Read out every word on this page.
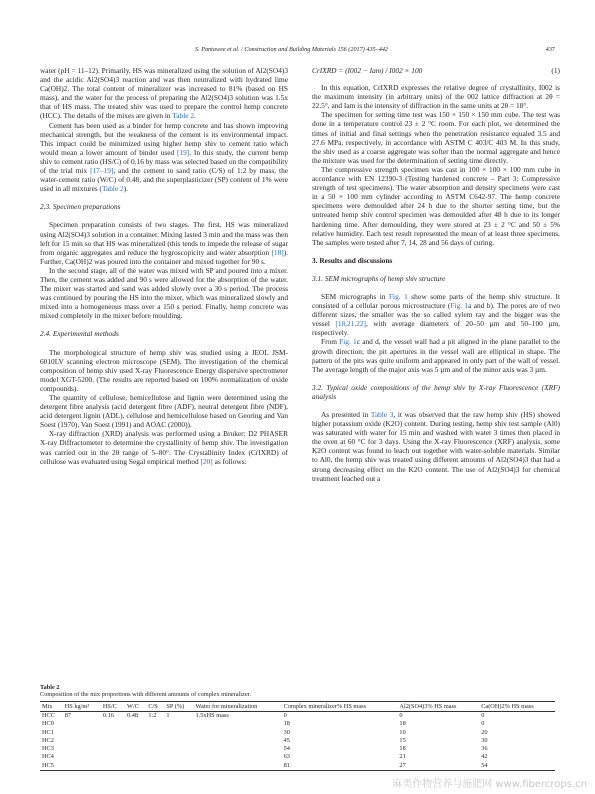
S. Pantawee et al. / Construction and Building Materials 156 (2017) 435–442	437

water (pH = 11–12). Primarily, HS was mineralized using the solution of Al2(SO4)3 and the acidic Al2(SO4)3 reaction and was then neutralized with hydrated lime Ca(OH)2. The total content of mineralizer was increased to 81% (based on HS mass), and the water for the process of preparing the Al2(SO4)3 solution was 1.5x that of HS mass. The treated shiv was used to prepare the control hemp concrete (HCC). The details of the mixes are given in Table 2.

Cement has been used as a binder for hemp concrete and has shown improving mechanical strength, but the weakness of the cement is its environmental impact. This impact could be minimized using higher hemp shiv to cement ratio which would mean a lower amount of binder used [19]. In this study, the current hemp shiv to cement ratio (HS/C) of 0.16 by mass was selected based on the compatibility of the trial mix [17–19], and the cement to sand ratio (C/S) of 1:2 by mass, the water-cement ratio (W/C) of 0.48, and the superplasticizer (SP) content of 1% were used in all mixtures (Table 2).

2.3. Specimen preparations

Specimen preparation consists of two stages. The first, HS was mineralized using Al2(SO4)3 solution in a container. Mixing lasted 3 min and the mass was then left for 15 min so that HS was mineralized (this tends to impede the release of sugar from organic aggregates and reduce the hygroscopicity and water absorption [18]). Further, Ca(OH)2 was poured into the container and mixed together for 90 s.

In the second stage, all of the water was mixed with SP and poured into a mixer. Then, the cement was added and 90 s were allowed for the absorption of the water. The mixer was started and sand was added slowly over a 30 s period. The process was continued by pouring the HS into the mixer, which was mineralized slowly and mixed into a homogeneous mass over a 150 s period. Finally, hemp concrete was mixed completely in the mixer before moulding.

2.4. Experimental methods

The morphological structure of hemp shiv was studied using a JEOL JSM-6010LV scanning electron microscope (SEM). The investigation of the chemical composition of hemp shiv used X-ray Fluorescence Energy dispersive spectrometer model XGT-5200. (The results are reported based on 100% normalization of oxide compounds).

The quantity of cellulose, hemicellulose and lignin were determined using the detergent fibre analysis (acid detergent fibre (ADF), neutral detergent fibre (NDF), acid detergent lignin (ADL), cellulose and hemicellulose based on Georing and Van Soest (1970), Van Soest (1991) and AOAC (2000)).

X-ray diffraction (XRD) analysis was performed using a Bruker: D2 PHASER X-ray Diffractometer to determine the crystallinity of hemp shiv. The investigation was carried out in the 2θ range of 5–80°. The Crystallinity Index (CrIXRD) of cellulose was evaluated using Segal empirical method [20] as follows:

CrIXRD = (I002 − Iam) / I002 × 100	(1)

In this equation, CrIXRD expresses the relative degree of crystallinity, I002 is the maximum intensity (in arbitrary units) of the 002 lattice diffraction at 2θ = 22.5°, and Iam is the intensity of diffraction in the same units at 2θ = 18°.

The specimen for setting time test was 150 × 150 × 150 mm cube. The test was done in a temperature control 23 ± 2 °C room. For each plot, we determined the times of initial and final settings when the penetration resistance equaled 3.5 and 27.6 MPa, respectively, in accordance with ASTM C 403/C 403 M. In this study, the shiv used as a coarse aggregate was softer than the normal aggregate and hence the mixture was used for the determination of setting time directly.

The compressive strength specimen was cast in 100 × 100 × 100 mm cube in accordance with EN 12390-3 (Testing hardened concrete – Part 3: Compressive strength of test specimens). The water absorption and density specimens were cast in a 50 × 100 mm cylinder according to ASTM C642-97. The hemp concrete specimens were demoulded after 24 h due to the shorter setting time, but the untreated hemp shiv control specimen was demoulded after 48 h due to its longer hardening time. After demoulding, they were stored at 23 ± 2 °C and 50 ± 5% relative humidity. Each test result represented the mean of at least three specimens. The samples were tested after 7, 14, 28 and 56 days of curing.

3. Results and discussions
3.1. SEM micrographs of hemp shiv structure

SEM micrographs in Fig. 1 show some parts of the hemp shiv structure. It consisted of a cellular porous microstructure (Fig. 1a and b). The pores are of two different sizes, the smaller was the so called xylem ray and the bigger was the vessel [18,21,22], with average diameters of 20–50 µm and 50–100 µm, respectively.

From Fig. 1c and d, the vessel wall had a pit aligned in the plane parallel to the growth direction; the pit apertures in the vessel wall are elliptical in shape. The pattern of the pits was quite uniform and appeared in only part of the wall of vessel. The average length of the major axis was 5 µm and of the minor axis was 3 µm.

3.2. Typical oxide compositions of the hemp shiv by X-ray Fluorescence (XRF) analysis

As presented in Table 3, it was observed that the raw hemp shiv (HS) showed higher potassium oxide (K2O) content. During testing, hemp shiv test sample (Al0) was saturated with water for 15 min and washed with water 3 times then placed in the oven at 60 °C for 3 days. Using the X-ray Fluorescence (XRF) analysis, some K2O content was found to leach out together with water-soluble materials. Similar to Al0, the hemp shiv was treated using different amounts of Al2(SO4)3 that had a strong decreasing effect on the K2O content. The use of Al2(SO4)3 for chemical treatment leached out a

Table 2
Composition of the mix proportions with different amounts of complex mineralizer.
Mix	HS kg/m³	HS/C	W/C	C/S	SP (%)	Water for mineralization	Complex mineralizer% HS mass	Al2(SO4)3% HS mass	Ca(OH)2% HS mass
HCC	87	0.16	0.48	1:2	1	1.5xHS mass	0	0	0
HC0							18	18	0
HC1							30	10	20
HC2							45	15	30
HC3							54	18	36
HC4							63	21	42
HC5							81	27	54
麻类作物营养与施肥网 www.fibercrops.cn
